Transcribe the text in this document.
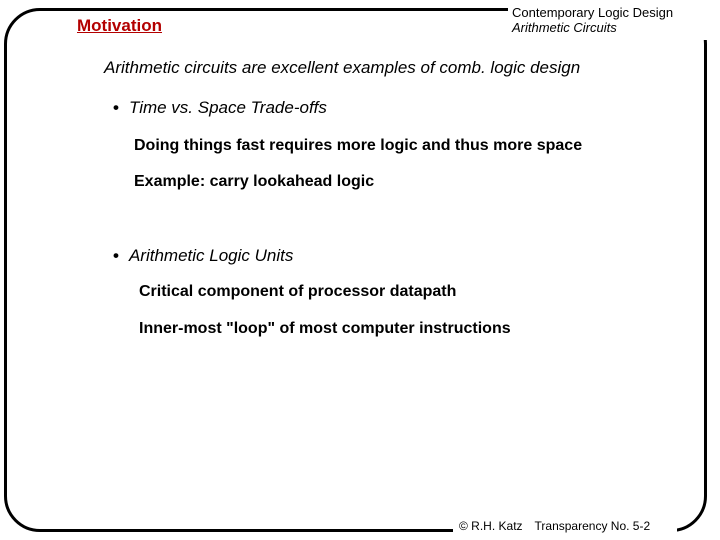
Motivation
Contemporary Logic Design
Arithmetic Circuits
Arithmetic circuits are excellent examples of comb. logic design
• Time vs. Space Trade-offs
Doing things fast requires more logic and thus more space
Example: carry lookahead logic
• Arithmetic Logic Units
Critical component of processor datapath
Inner-most "loop" of most computer instructions
© R.H. Katz Transparency No. 5-2
